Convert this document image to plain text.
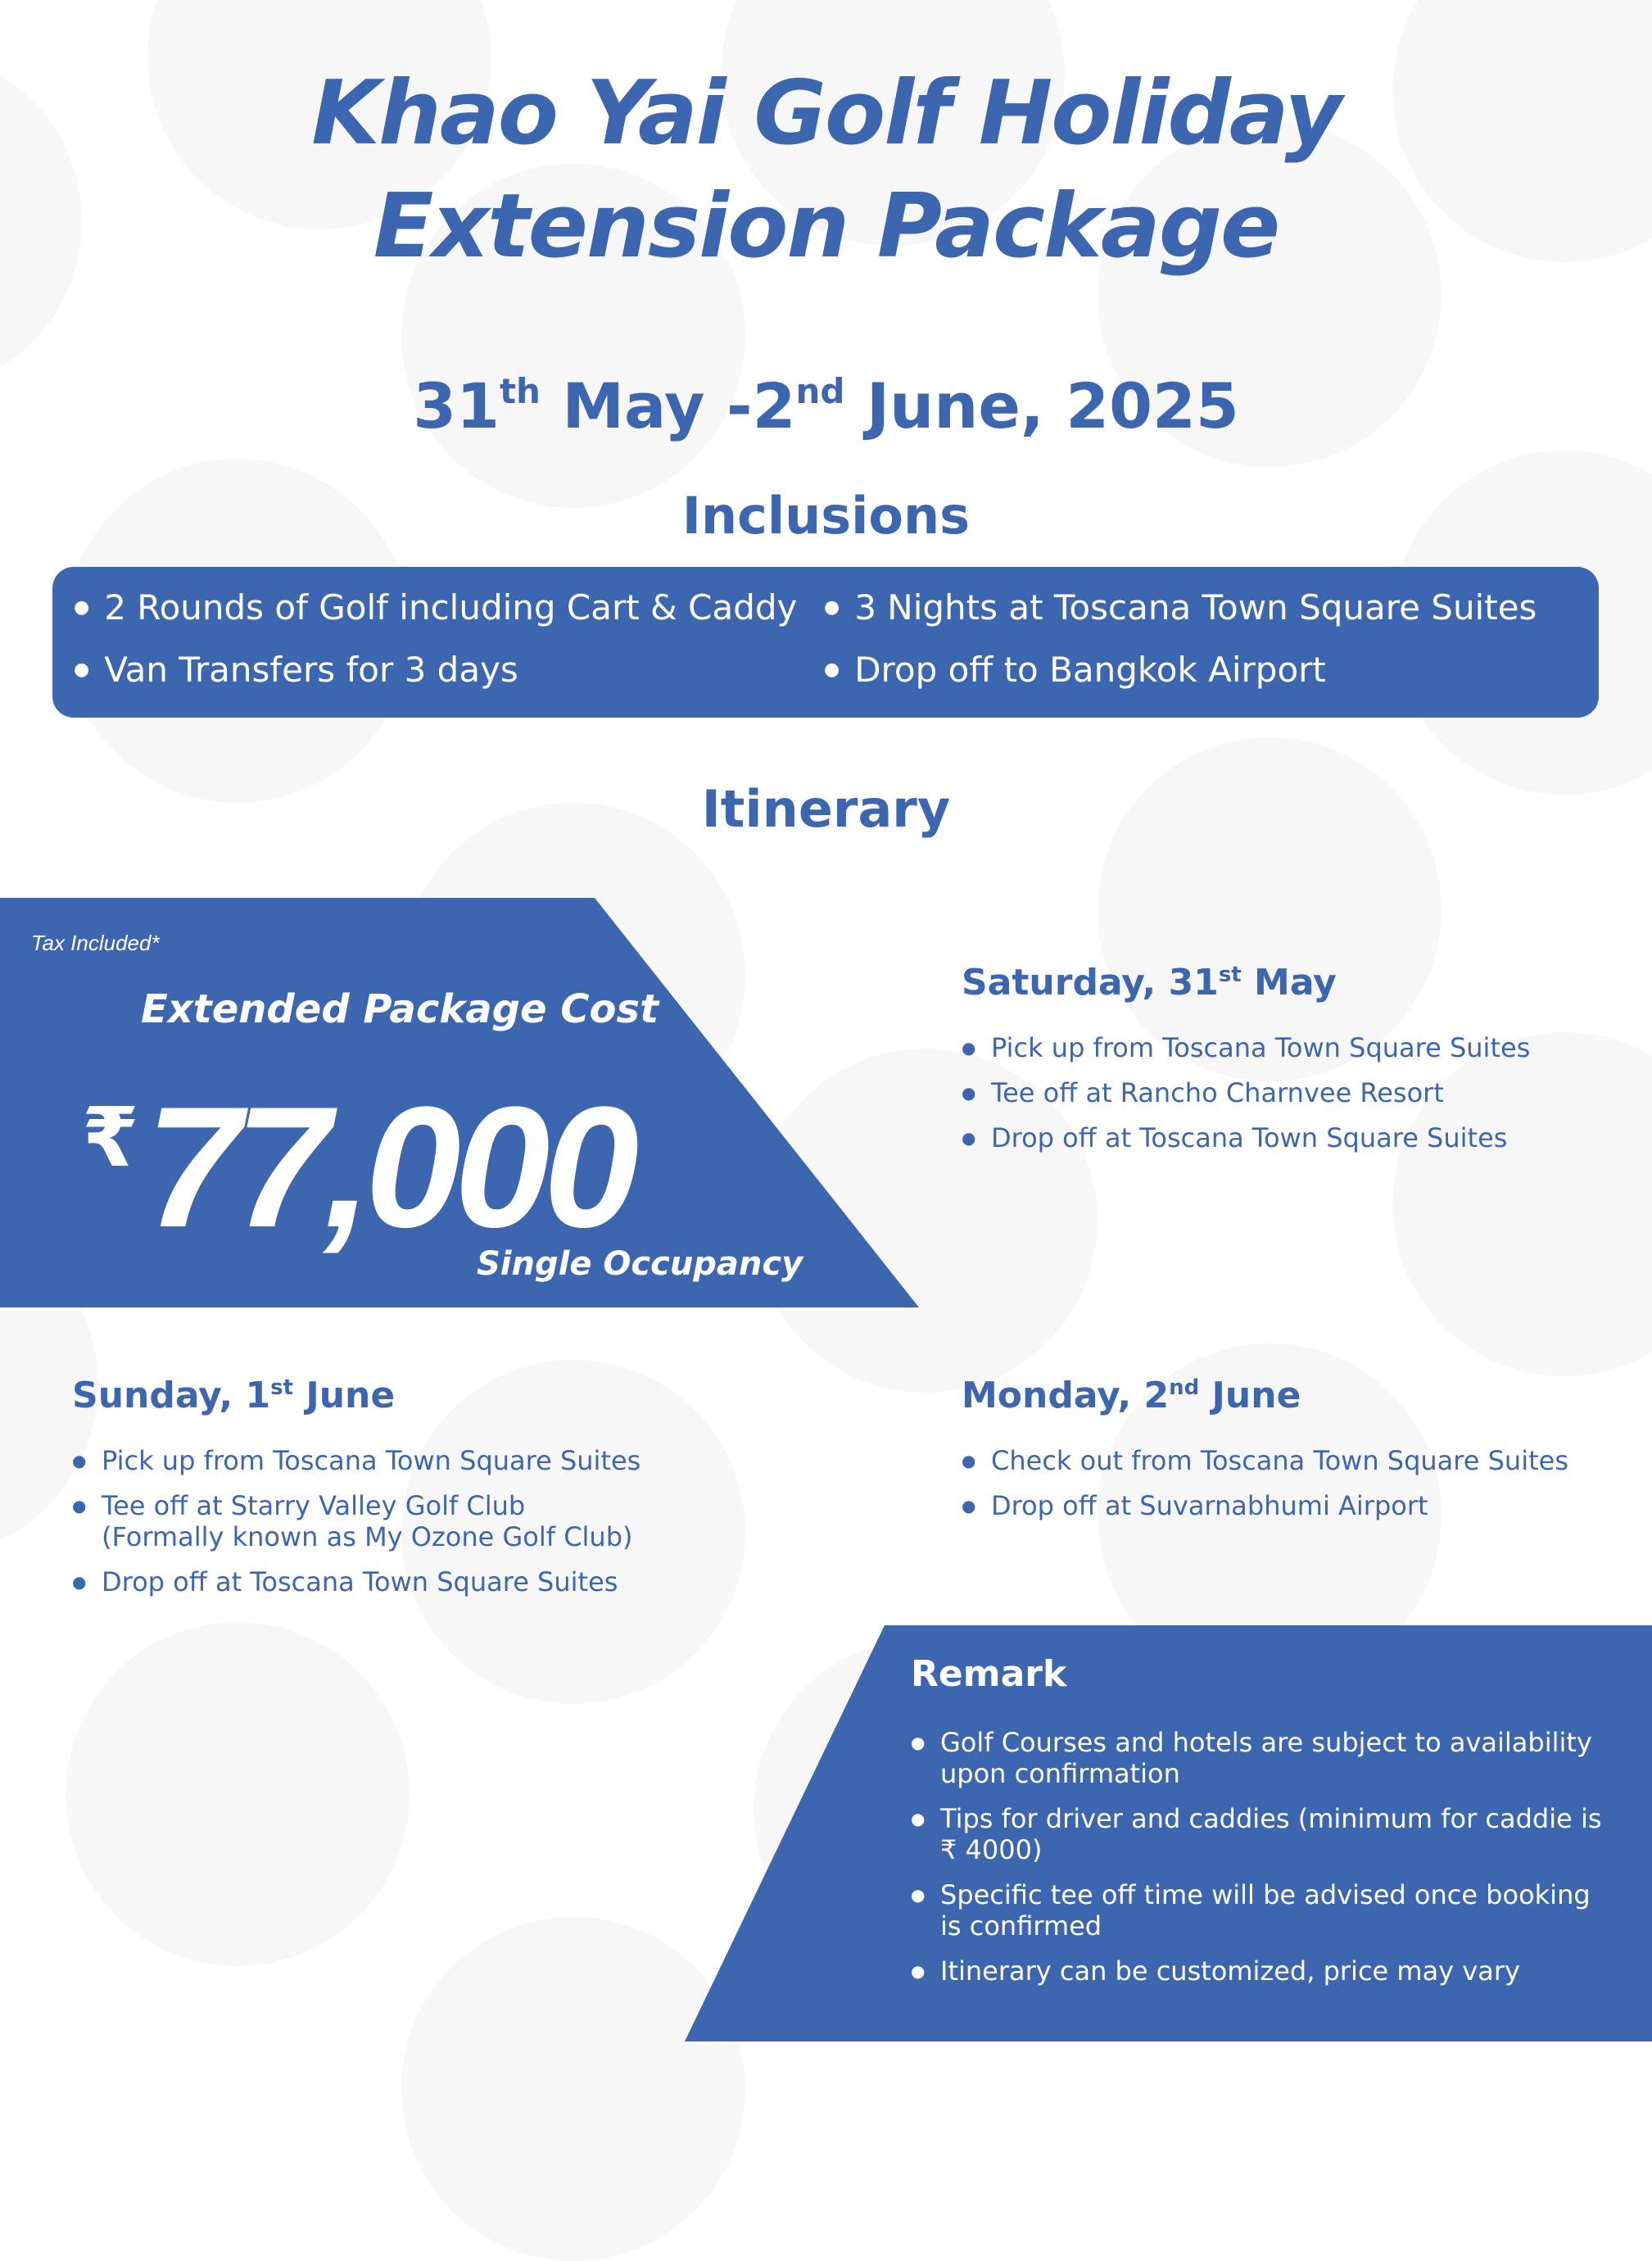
Khao Yai Golf Holiday
Extension Package
31th May -2nd June, 2025
Inclusions
● 2 Rounds of Golf including Cart & Caddy
● Van Transfers for 3 days
● 3 Nights at Toscana Town Square Suites
● Drop off to Bangkok Airport
Itinerary
Tax Included*
Extended Package Cost
₹ 77,000
Single Occupancy
Saturday, 31st May
● Pick up from Toscana Town Square Suites
● Tee off at Rancho Charnvee Resort
● Drop off at Toscana Town Square Suites
Sunday, 1st June
● Pick up from Toscana Town Square Suites
● Tee off at Starry Valley Golf Club
(Formally known as My Ozone Golf Club)
● Drop off at Toscana Town Square Suites
Monday, 2nd June
● Check out from Toscana Town Square Suites
● Drop off at Suvarnabhumi Airport
Remark
● Golf Courses and hotels are subject to availability upon confirmation
● Tips for driver and caddies (minimum for caddie is ₹ 4000)
● Specific tee off time will be advised once booking is confirmed
● Itinerary can be customized, price may vary
